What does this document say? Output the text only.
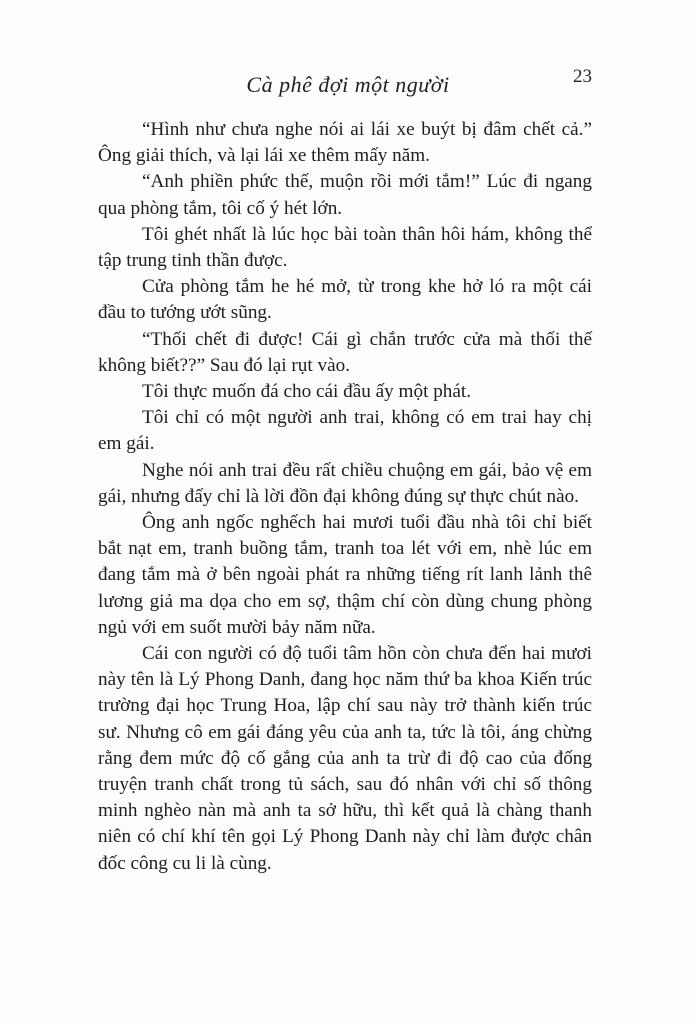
Cà phê đợi một người	23

“Hình như chưa nghe nói ai lái xe buýt bị đâm chết cả.” Ông giải thích, và lại lái xe thêm mấy năm.

“Anh phiền phức thế, muộn rồi mới tắm!” Lúc đi ngang qua phòng tắm, tôi cố ý hét lớn.

Tôi ghét nhất là lúc học bài toàn thân hôi hám, không thể tập trung tinh thần được.

Cửa phòng tắm he hé mở, từ trong khe hở ló ra một cái đầu to tướng ướt sũng.

“Thối chết đi được! Cái gì chắn trước cửa mà thối thế không biết??” Sau đó lại rụt vào.

Tôi thực muốn đá cho cái đầu ấy một phát.

Tôi chỉ có một người anh trai, không có em trai hay chị em gái.

Nghe nói anh trai đều rất chiều chuộng em gái, bảo vệ em gái, nhưng đấy chỉ là lời đồn đại không đúng sự thực chút nào.

Ông anh ngốc nghếch hai mươi tuổi đầu nhà tôi chỉ biết bắt nạt em, tranh buồng tắm, tranh toa lét với em, nhè lúc em đang tắm mà ở bên ngoài phát ra những tiếng rít lanh lảnh thê lương giả ma dọa cho em sợ, thậm chí còn dùng chung phòng ngủ với em suốt mười bảy năm nữa.

Cái con người có độ tuổi tâm hồn còn chưa đến hai mươi này tên là Lý Phong Danh, đang học năm thứ ba khoa Kiến trúc trường đại học Trung Hoa, lập chí sau này trở thành kiến trúc sư. Nhưng cô em gái đáng yêu của anh ta, tức là tôi, áng chừng rằng đem mức độ cố gắng của anh ta trừ đi độ cao của đống truyện tranh chất trong tủ sách, sau đó nhân với chỉ số thông minh nghèo nàn mà anh ta sở hữu, thì kết quả là chàng thanh niên có chí khí tên gọi Lý Phong Danh này chỉ làm được chân đốc công cu li là cùng.
